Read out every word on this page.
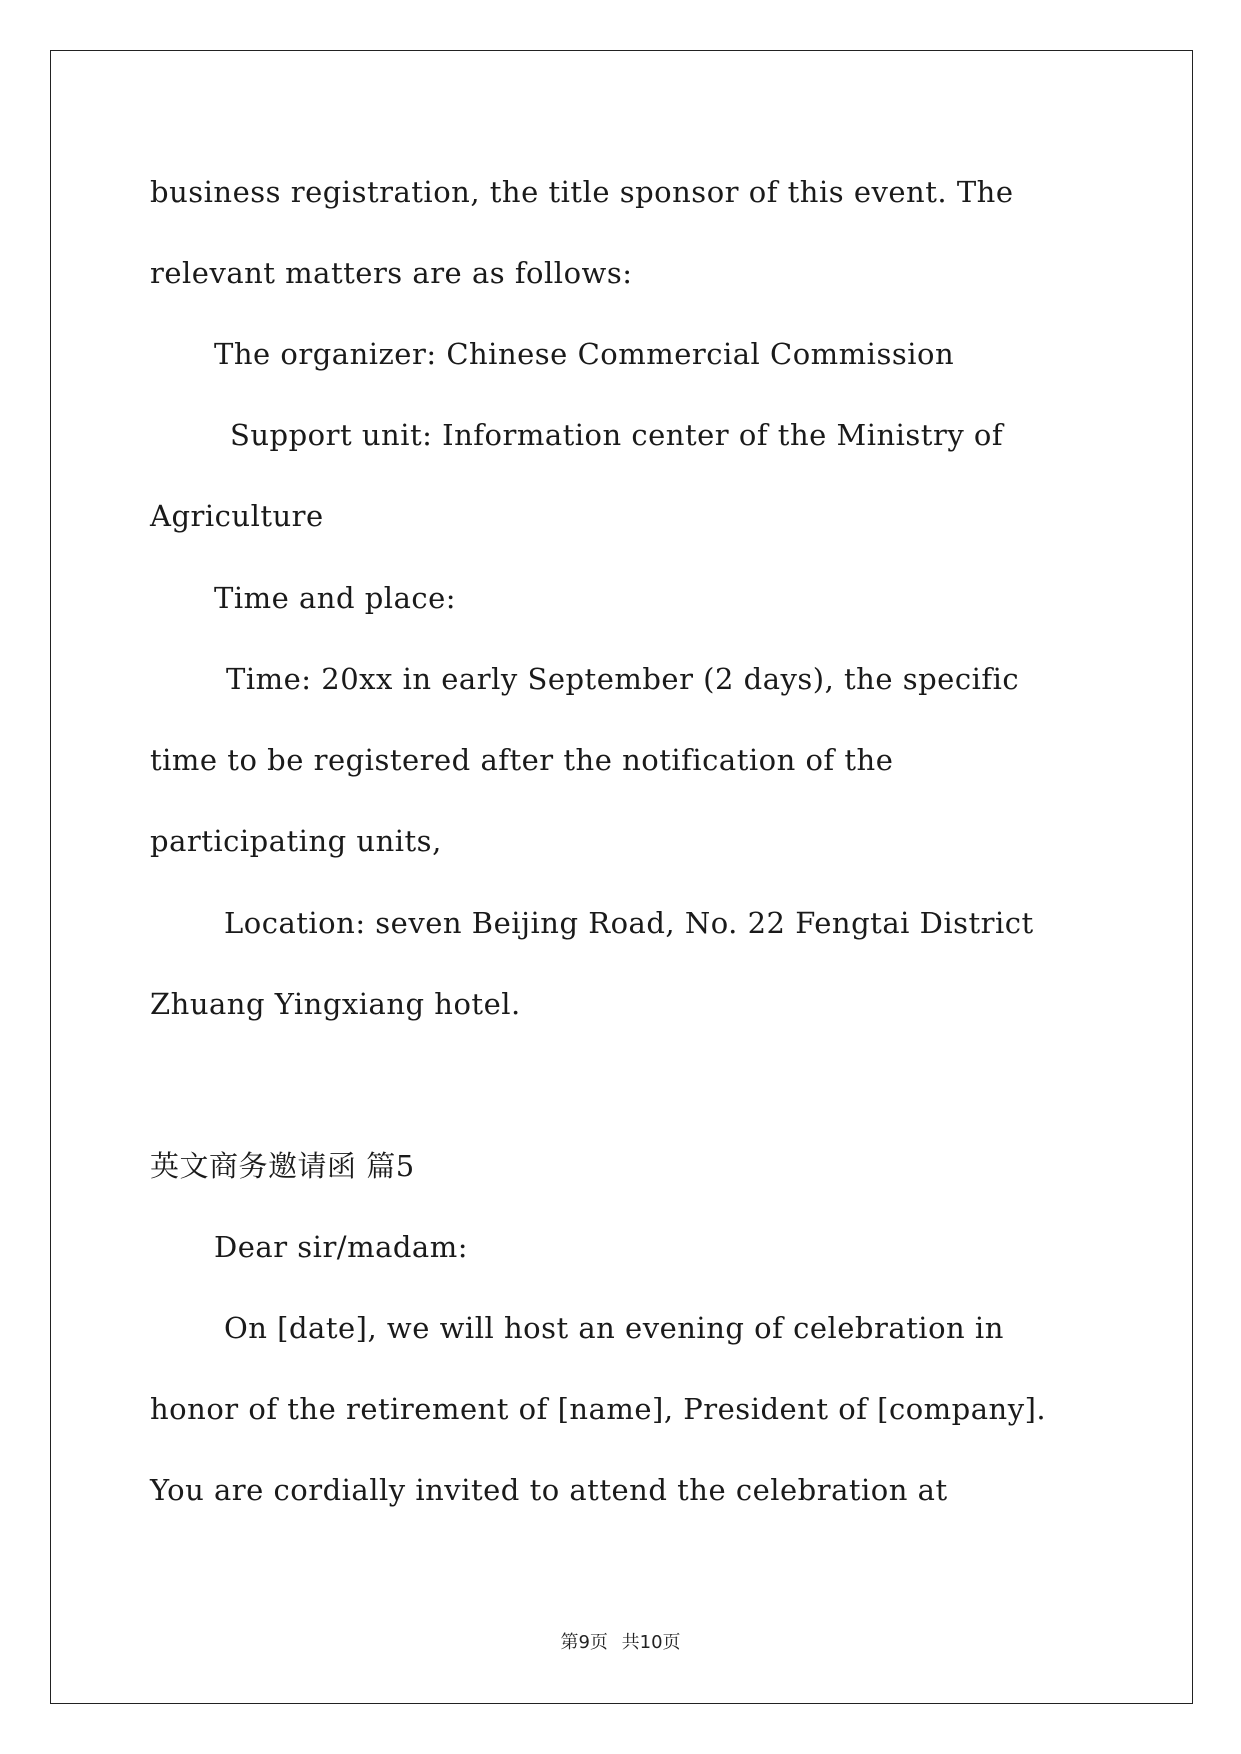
business registration, the title sponsor of this event. The
relevant matters are as follows:
The organizer: Chinese Commercial Commission
Support unit: Information center of the Ministry of
Agriculture
Time and place:
Time: 20xx in early September (2 days), the specific
time to be registered after the notification of the
participating units,
Location: seven Beijing Road, No. 22 Fengtai District
Zhuang Yingxiang hotel.
英文商务邀请函 篇5
Dear sir/madam:
On [date], we will host an evening of celebration in
honor of the retirement of [name], President of [company].
You are cordially invited to attend the celebration at
第9页 共10页
